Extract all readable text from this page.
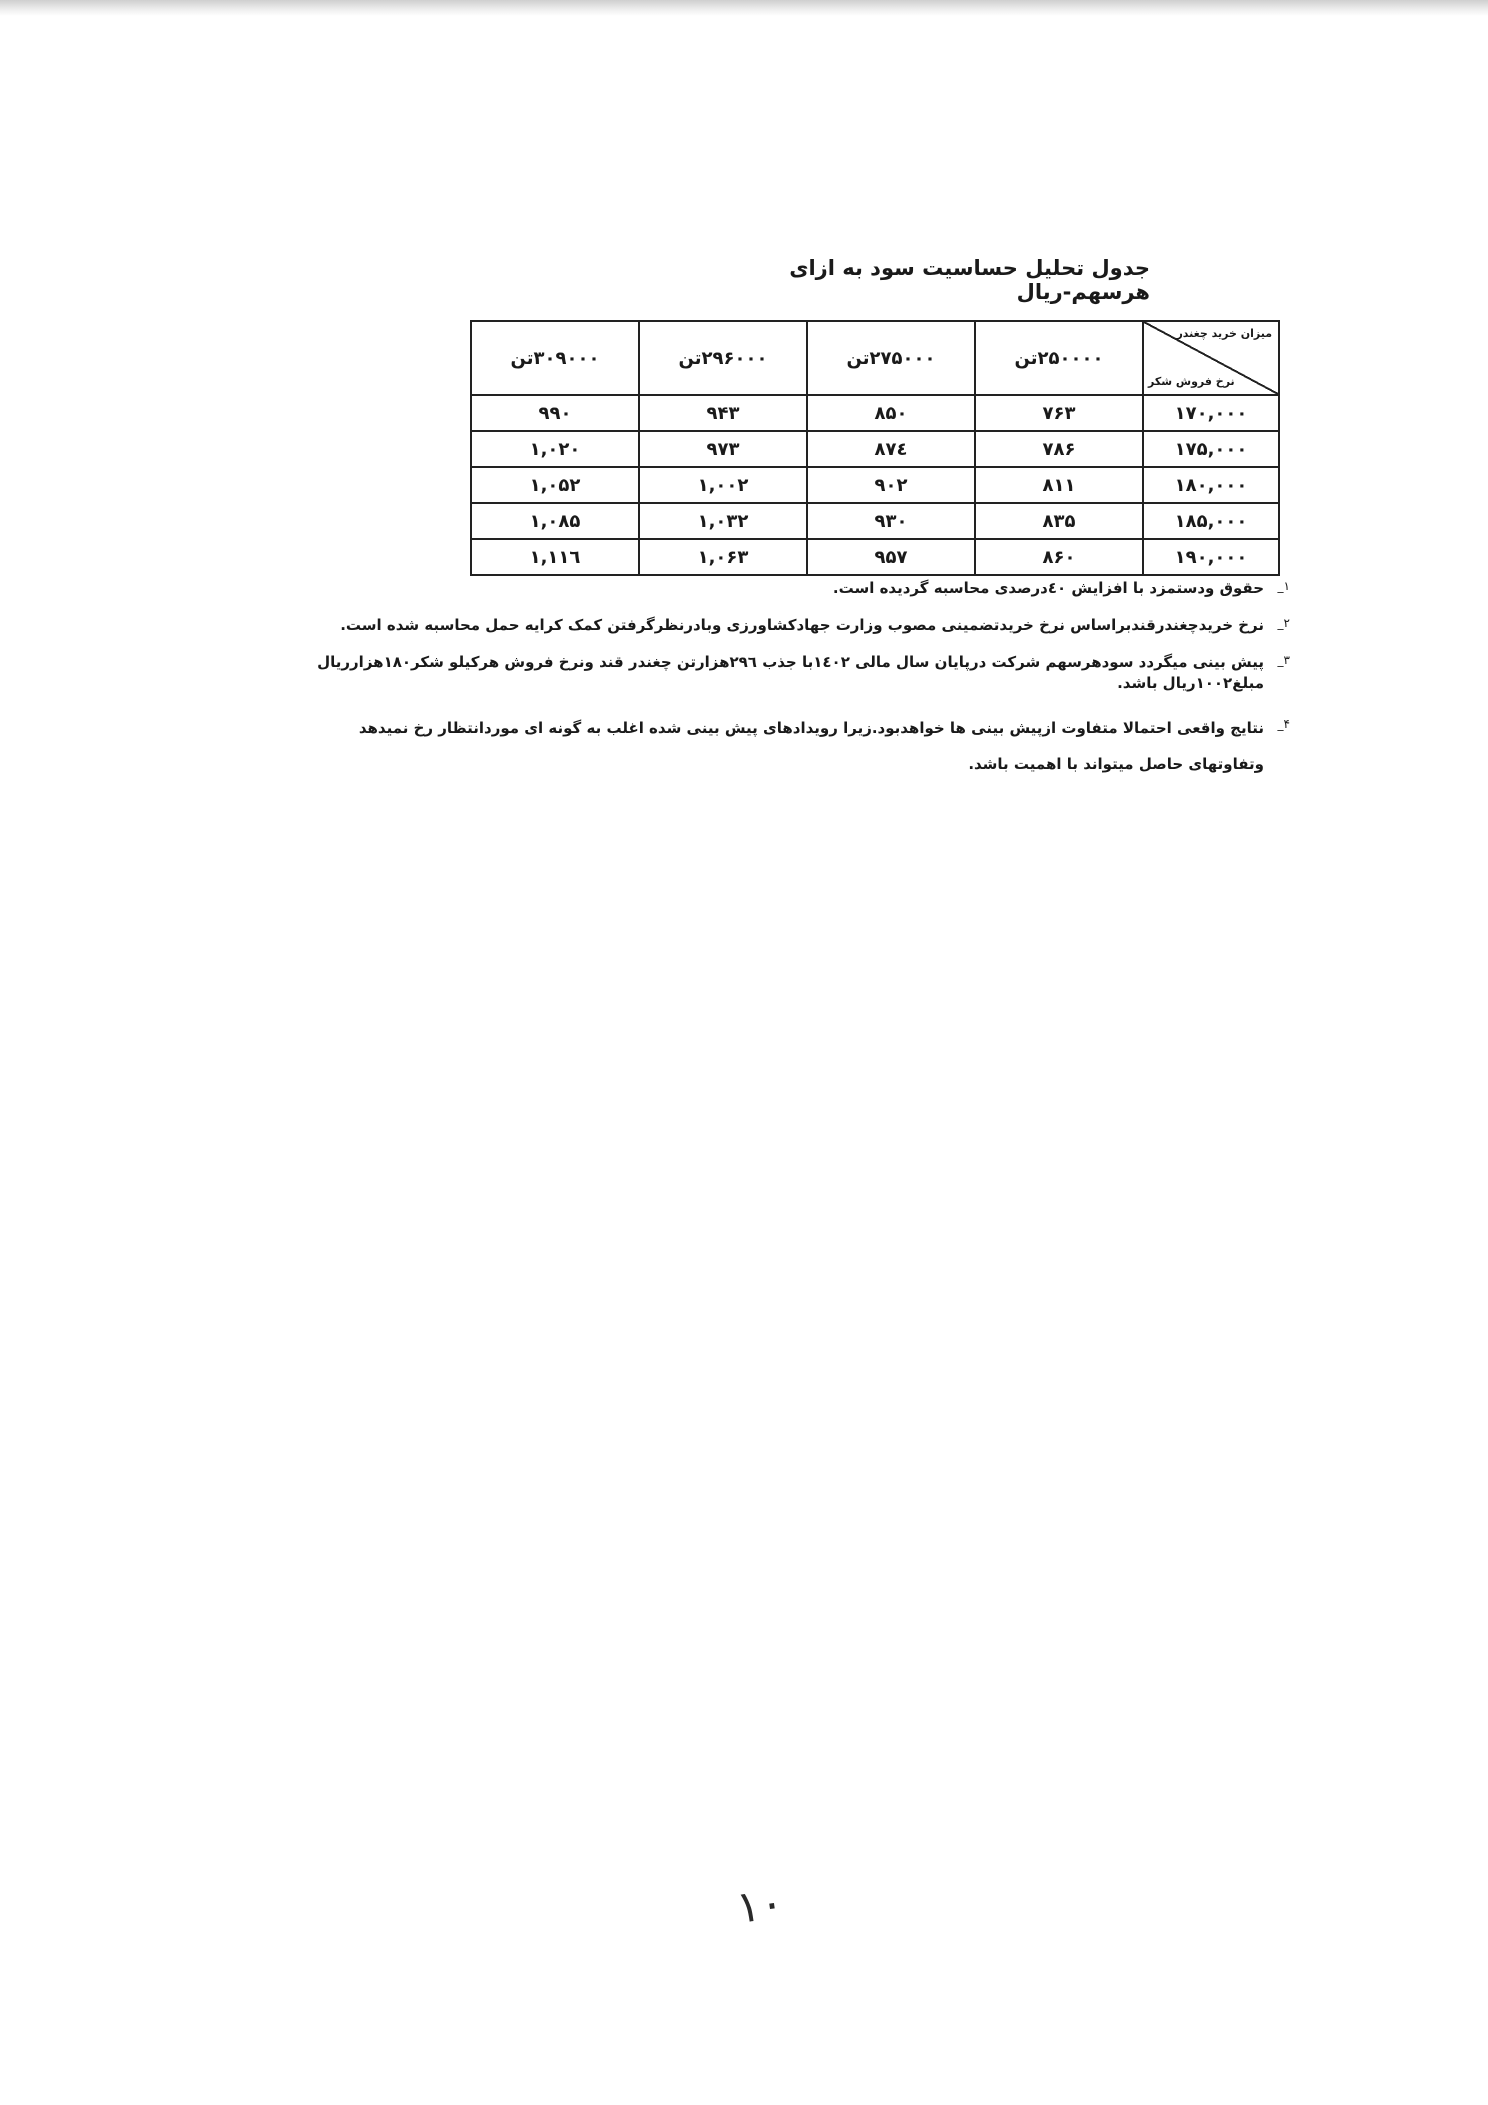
جدول تحلیل حساسیت سود به ازای هرسهم-ریال
میزان خرید چغندر
نرخ فروش شکر	۲۵۰۰۰۰تن	۲۷۵۰۰۰تن	۲۹۶۰۰۰تن	۳۰۹۰۰۰تن
۱۷۰,۰۰۰	۷۶۳	۸۵۰	۹۴۳	۹۹۰
۱۷۵,۰۰۰	۷۸۶	۸۷٤	۹۷۳	۱,۰۲۰
۱۸۰,۰۰۰	۸۱۱	۹۰۲	۱,۰۰۲	۱,۰۵۲
۱۸۵,۰۰۰	۸۳۵	۹۳۰	۱,۰۳۲	۱,۰۸۵
۱۹۰,۰۰۰	۸۶۰	۹۵۷	۱,۰۶۳	۱,۱۱٦
۱_
حقوق ودستمزد با افزایش ٤۰درصدی محاسبه گردیده است.
۲_
نرخ خریدچغندرقندبراساس نرخ خریدتضمینی مصوب وزارت جهادکشاورزی وبادرنظرگرفتن کمک کرایه حمل محاسبه شده است.
۳_
پیش بینی میگردد سودهرسهم شرکت درپایان سال مالی ۱٤۰۲با جذب ۲۹٦هزارتن چغندر قند ونرخ فروش هرکیلو شکر۱۸۰هزارریال مبلغ۱۰۰۲ریال باشد.
۴_
نتایج واقعی احتمالا متفاوت ازپیش بینی ها خواهدبود.زیرا رویدادهای پیش بینی شده اغلب به گونه ای موردانتظار رخ نمیدهد وتفاوتهای حاصل میتواند با اهمیت باشد.
۱۰
